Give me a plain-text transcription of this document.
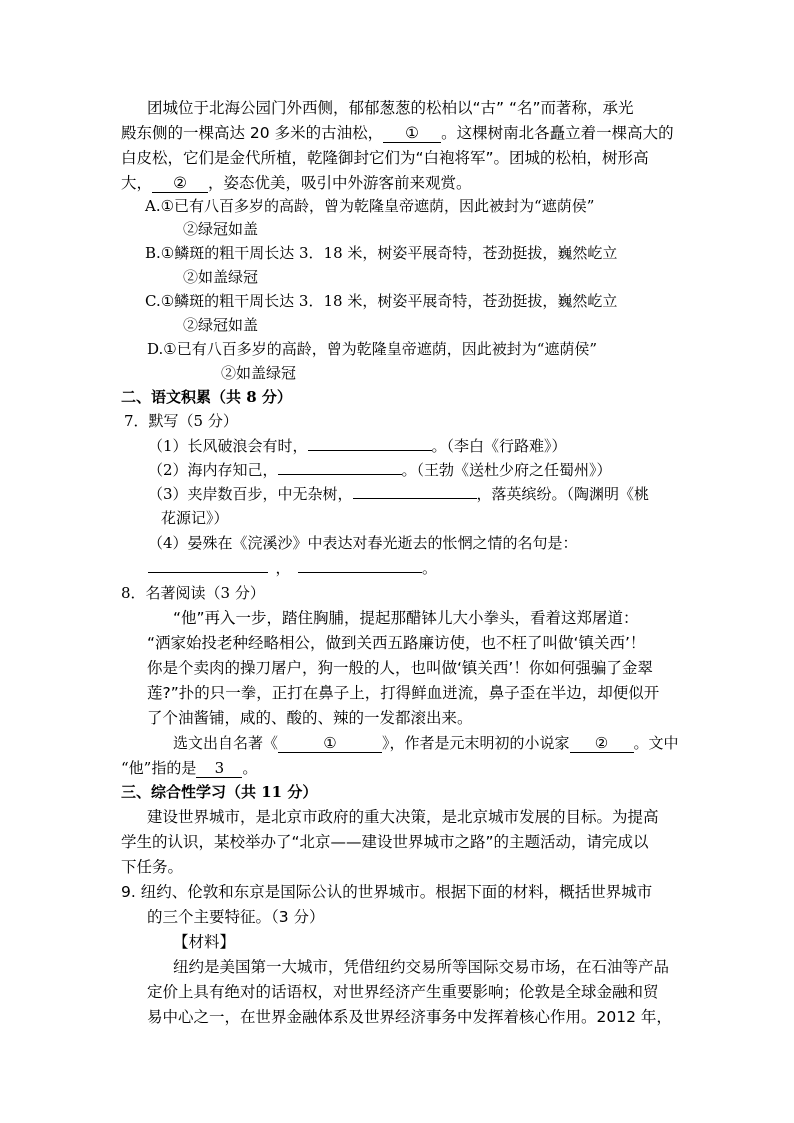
团城位于北海公园门外西侧，郁郁葱葱的松柏以“古” “名”而著称，承光
殿东侧的一棵高达 20 多米的古油松， ① 。这棵树南北各矗立着一棵高大的
白皮松，它们是金代所植，乾隆御封它们为“白袍将军”。团城的松柏，树形高
大， ② ，姿态优美，吸引中外游客前来观赏。
A.①已有八百多岁的高龄，曾为乾隆皇帝遮荫，因此被封为“遮荫侯”
②绿冠如盖
B.①鳞斑的粗干周长达 3．18 米，树姿平展奇特，苍劲挺拔，巍然屹立
②如盖绿冠
C.①鳞斑的粗干周长达 3．18 米，树姿平展奇特，苍劲挺拔，巍然屹立
②绿冠如盖
D.①已有八百多岁的高龄，曾为乾隆皇帝遮荫，因此被封为“遮荫侯”
②如盖绿冠
二、语文积累（共 8 分）
7．默写（5 分）
（1）长风破浪会有时，	。（李白《行路难》）
（2）海内存知己，	。（王勃《送杜少府之任蜀州》）
（3）夹岸数百步，中无杂树，	，落英缤纷。（陶渊明《桃
花源记》）
（4）晏殊在《浣溪沙》中表达对春光逝去的怅惘之情的名句是：
，	。
8．名著阅读（3 分）
“他”再入一步，踏住胸脯，提起那醋钵儿大小拳头，看着这郑屠道：
“洒家始投老种经略相公，做到关西五路廉访使，也不枉了叫做‘镇关西’！
你是个卖肉的操刀屠户，狗一般的人，也叫做‘镇关西’！你如何强骗了金翠
莲?”扑的只一拳，正打在鼻子上，打得鲜血迸流，鼻子歪在半边，却便似开
了个油酱铺，咸的、酸的、辣的一发都滚出来。
选文出自名著《	①	》，作者是元末明初的小说家 ② 。文中
“他”指的是 3 。
三、综合性学习（共 11 分）
建设世界城市，是北京市政府的重大决策，是北京城市发展的目标。为提高
学生的认识，某校举办了“北京——建设世界城市之路”的主题活动，请完成以
下任务。
9. 纽约、伦敦和东京是国际公认的世界城市。根据下面的材料，概括世界城市
的三个主要特征。（3 分）
【材料】
纽约是美国第一大城市，凭借纽约交易所等国际交易市场，在石油等产品
定价上具有绝对的话语权，对世界经济产生重要影响；伦敦是全球金融和贸
易中心之一，在世界金融体系及世界经济事务中发挥着核心作用。2012 年，
